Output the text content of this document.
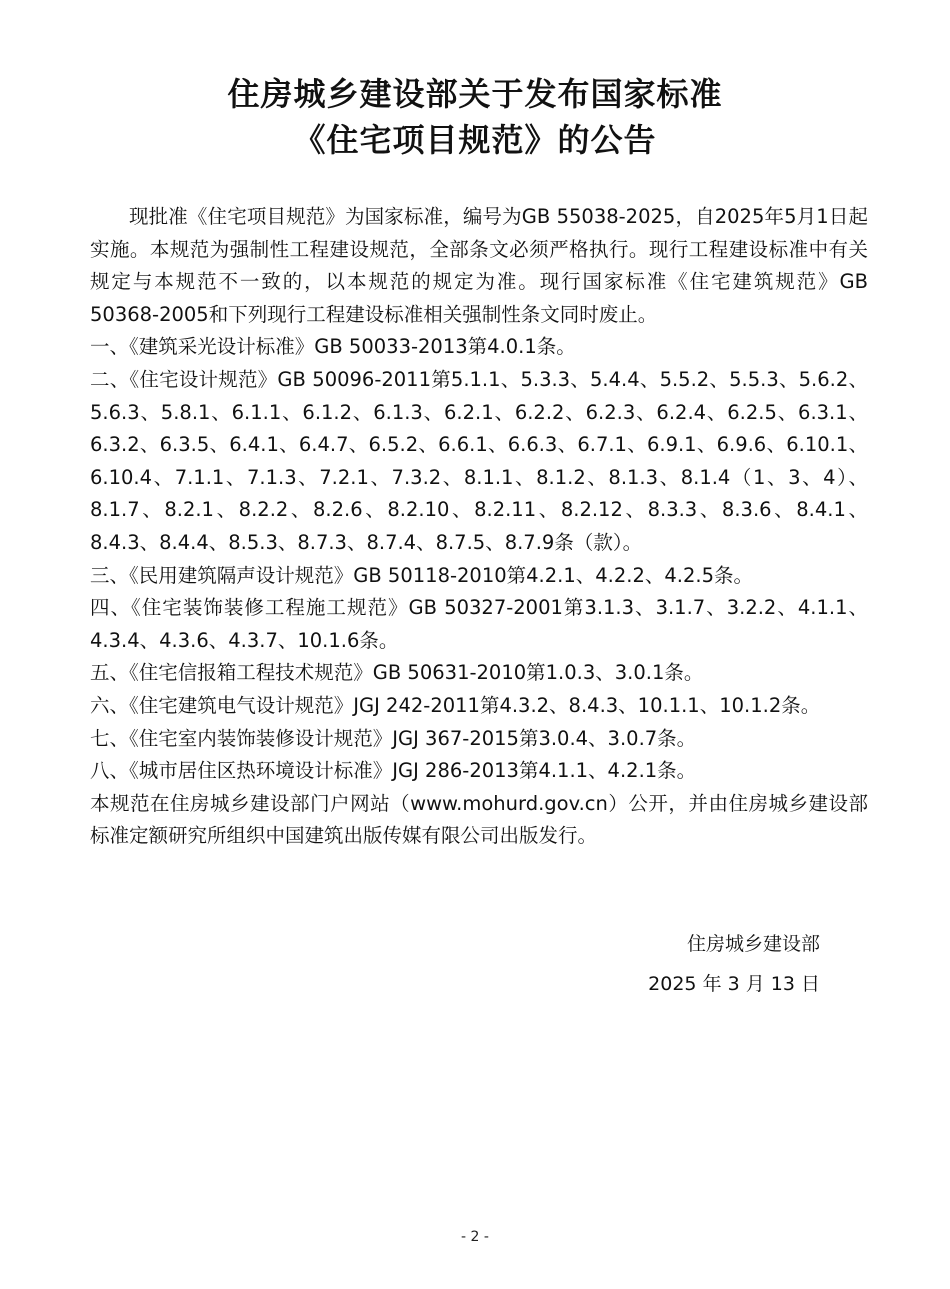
住房城乡建设部关于发布国家标准
《住宅项目规范》的公告

现批准《住宅项目规范》为国家标准，编号为GB 55038-2025，自2025年5月1日起实施。本规范为强制性工程建设规范，全部条文必须严格执行。现行工程建设标准中有关规定与本规范不一致的，以本规范的规定为准。现行国家标准《住宅建筑规范》GB 50368-2005和下列现行工程建设标准相关强制性条文同时废止。

一、《建筑采光设计标准》GB 50033-2013第4.0.1条。

二、《住宅设计规范》GB 50096-2011第5.1.1、5.3.3、5.4.4、5.5.2、5.5.3、5.6.2、5.6.3、5.8.1、6.1.1、6.1.2、6.1.3、6.2.1、6.2.2、6.2.3、6.2.4、6.2.5、6.3.1、6.3.2、6.3.5、6.4.1、6.4.7、6.5.2、6.6.1、6.6.3、6.7.1、6.9.1、6.9.6、6.10.1、6.10.4、7.1.1、7.1.3、7.2.1、7.3.2、8.1.1、8.1.2、8.1.3、8.1.4（1、3、4）、8.1.7、8.2.1、8.2.2、8.2.6、8.2.10、8.2.11、8.2.12、8.3.3、8.3.6、8.4.1、8.4.3、8.4.4、8.5.3、8.7.3、8.7.4、8.7.5、8.7.9条（款）。

三、《民用建筑隔声设计规范》GB 50118-2010第4.2.1、4.2.2、4.2.5条。

四、《住宅装饰装修工程施工规范》GB 50327-2001第3.1.3、3.1.7、3.2.2、4.1.1、4.3.4、4.3.6、4.3.7、10.1.6条。

五、《住宅信报箱工程技术规范》GB 50631-2010第1.0.3、3.0.1条。

六、《住宅建筑电气设计规范》JGJ 242-2011第4.3.2、8.4.3、10.1.1、10.1.2条。

七、《住宅室内装饰装修设计规范》JGJ 367-2015第3.0.4、3.0.7条。

八、《城市居住区热环境设计标准》JGJ 286-2013第4.1.1、4.2.1条。

本规范在住房城乡建设部门户网站（www.mohurd.gov.cn）公开，并由住房城乡建设部标准定额研究所组织中国建筑出版传媒有限公司出版发行。

住房城乡建设部
2025 年 3 月 13 日
- 2 -
